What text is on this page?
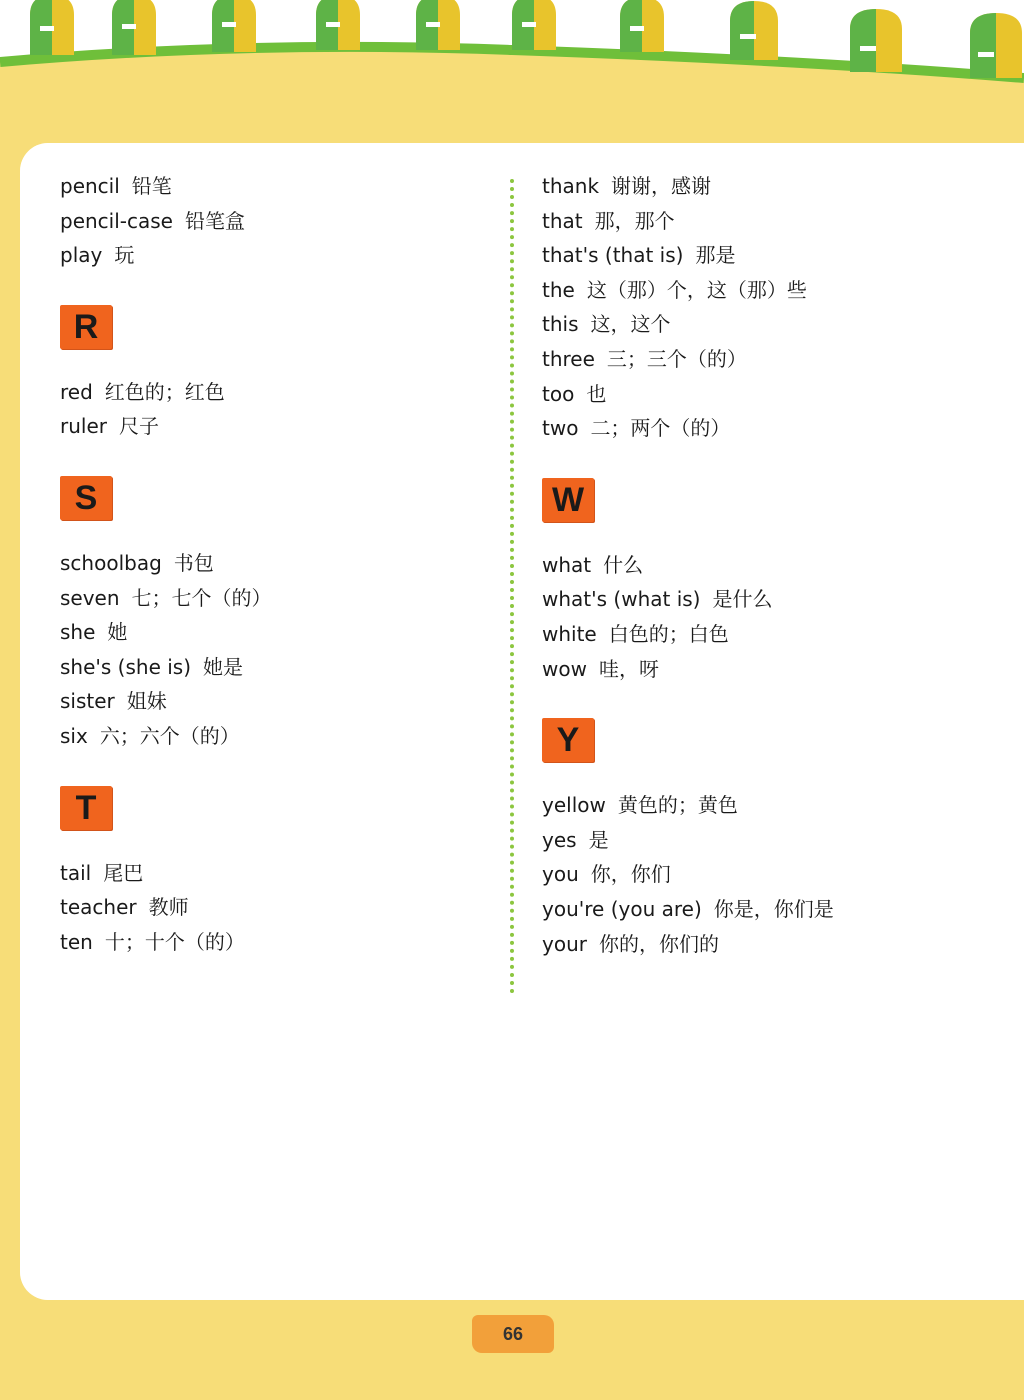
pencil 铅笔
pencil-case 铅笔盒
play 玩
R
red 红色的；红色
ruler 尺子
S
schoolbag 书包
seven 七；七个（的）
she 她
she's (she is) 她是
sister 姐妹
six 六；六个（的）
T
tail 尾巴
teacher 教师
ten 十；十个（的）
thank 谢谢，感谢
that 那，那个
that's (that is) 那是
the 这（那）个，这（那）些
this 这，这个
three 三；三个（的）
too 也
two 二；两个（的）
W
what 什么
what's (what is) 是什么
white 白色的；白色
wow 哇，呀
Y
yellow 黄色的；黄色
yes 是
you 你，你们
you're (you are) 你是，你们是
your 你的，你们的
66
